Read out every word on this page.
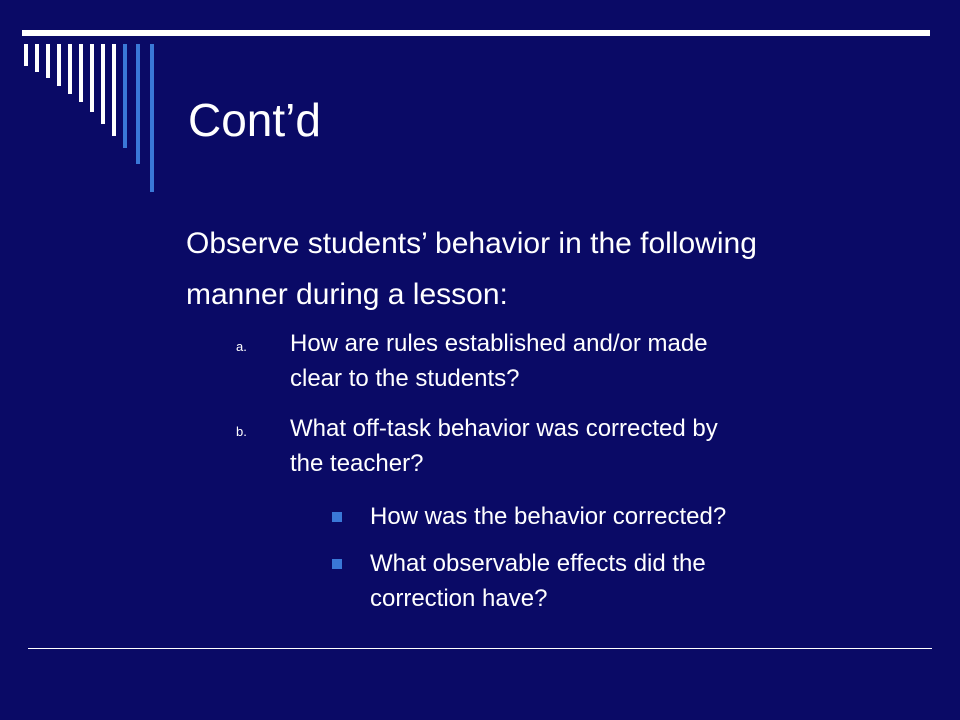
Cont’d
Observe students’ behavior in the following
manner during a lesson:
a. How are rules established and/or made
clear to the students?
b. What off-task behavior was corrected by
the teacher?
How was the behavior corrected?
What observable effects did the
correction have?
